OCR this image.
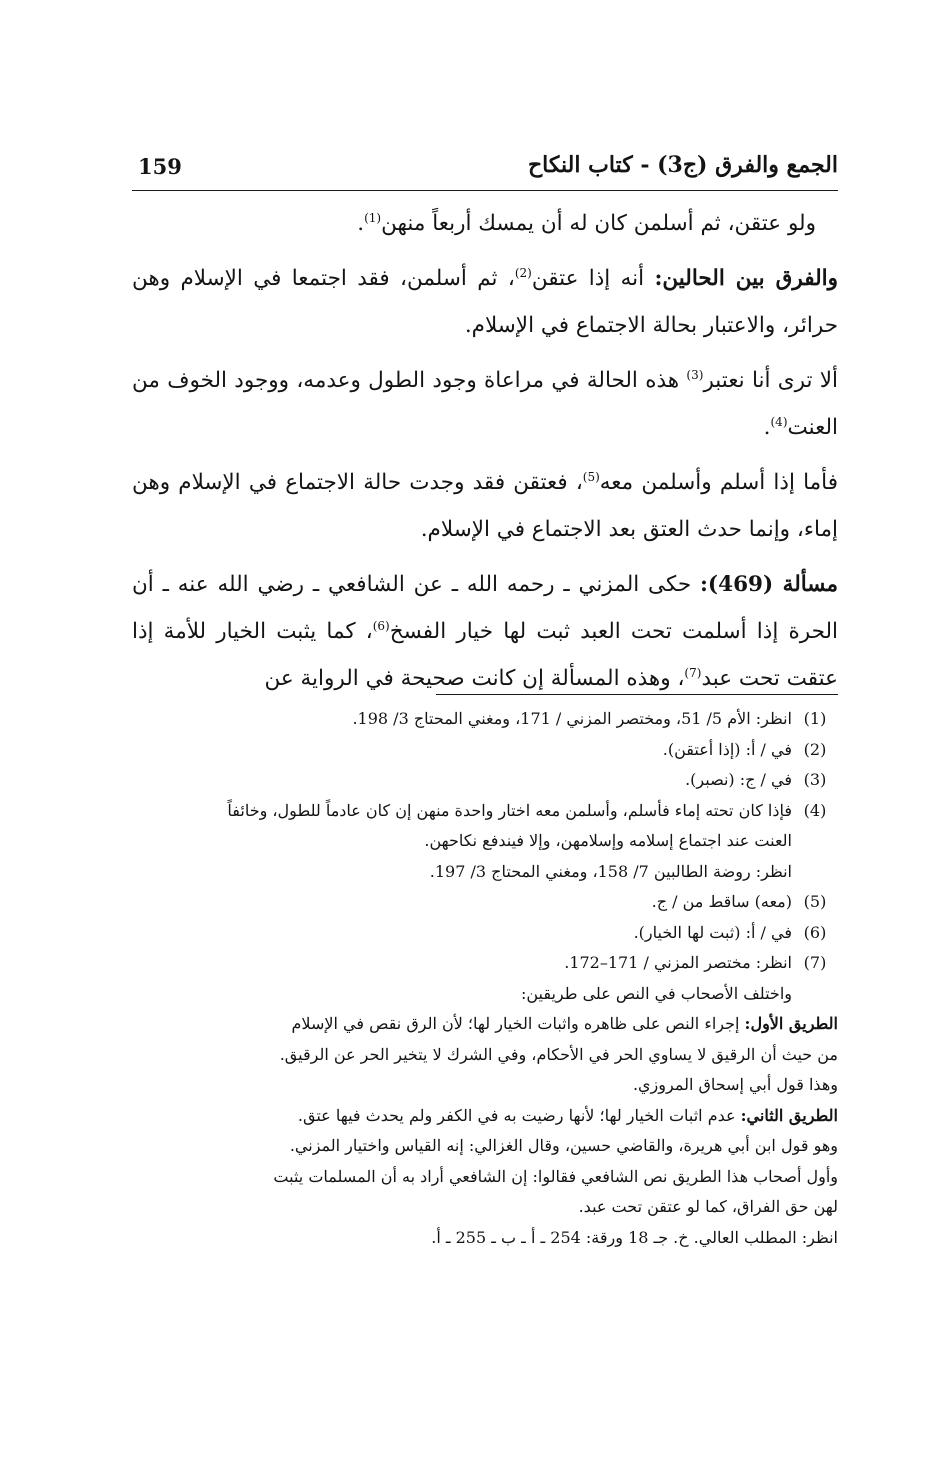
159	الجمع والفرق (ج3) - كتاب النكاح

ولو عتقن، ثم أسلمن كان له أن يمسك أربعاً منهن$^{(1)}$.

والفرق بين الحالين: أنه إذا عتقن$^{(2)}$، ثم أسلمن، فقد اجتمعا في الإسلام وهن حرائر، والاعتبار بحالة الاجتماع في الإسلام.

ألا ترى أنا نعتبر$^{(3)}$ هذه الحالة في مراعاة وجود الطول وعدمه، ووجود الخوف من العنت$^{(4)}$.

فأما إذا أسلم وأسلمن معه$^{(5)}$، فعتقن فقد وجدت حالة الاجتماع في الإسلام وهن إماء، وإنما حدث العتق بعد الاجتماع في الإسلام.

مسألة (469): حكى المزني ـ رحمه الله ـ عن الشافعي ـ رضي الله عنه ـ أن الحرة إذا أسلمت تحت العبد ثبت لها خيار الفسخ$^{(6)}$، كما يثبت الخيار للأمة إذا عتقت تحت عبد$^{(7)}$، وهذه المسألة إن كانت صحيحة في الرواية عن

(1)
انظر: الأم 5/ 51، ومختصر المزني / 171، ومغني المحتاج 3/ 198.
(2)
في / أ: (إذا أعتقن).
(3)
في / ج: (نصبر).
(4)
فإذا كان تحته إماء فأسلم، وأسلمن معه اختار واحدة منهن إن كان عادماً للطول، وخائفاً
العنت عند اجتماع إسلامه وإسلامهن، وإلا فيندفع نكاحهن.
انظر: روضة الطالبين 7/ 158، ومغني المحتاج 3/ 197.
(5)
(معه) ساقط من / ج.
(6)
في / أ: (ثبت لها الخيار).
(7)
انظر: مختصر المزني / 171–172.
واختلف الأصحاب في النص على طريقين:
الطريق الأول: إجراء النص على ظاهره واثبات الخيار لها؛ لأن الرق نقص في الإسلام
من حيث أن الرقيق لا يساوي الحر في الأحكام، وفي الشرك لا يتخير الحر عن الرقيق.
وهذا قول أبي إسحاق المروزي.
الطريق الثاني: عدم اثبات الخيار لها؛ لأنها رضيت به في الكفر ولم يحدث فيها عتق.
وهو قول ابن أبي هريرة، والقاضي حسين، وقال الغزالي: إنه القياس واختيار المزني.
وأول أصحاب هذا الطريق نص الشافعي فقالوا: إن الشافعي أراد به أن المسلمات يثبت
لهن حق الفراق، كما لو عتقن تحت عبد.
انظر: المطلب العالي. خ. جـ 18 ورقة: 254 ـ أ ـ ب ـ 255 ـ أ.
